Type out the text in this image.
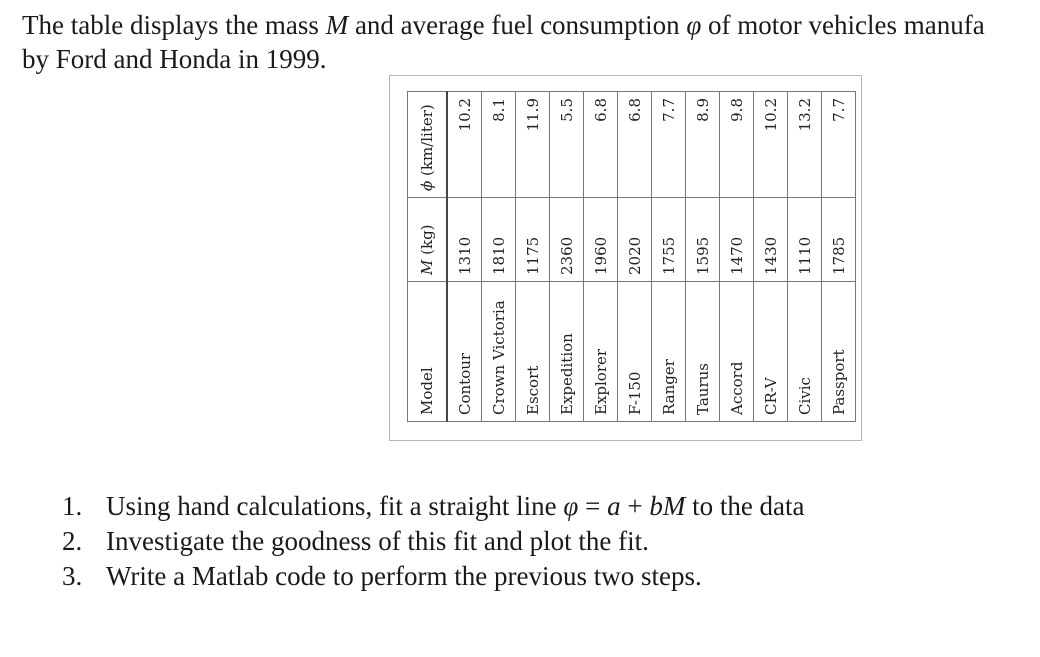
The table displays the mass M and average fuel consumption φ of motor vehicles manufa
by Ford and Honda in 1999.
Model	M (kg)	ϕ (km/liter)
Contour	1310	10.2
Crown Victoria	1810	8.1
Escort	1175	11.9
Expedition	2360	5.5
Explorer	1960	6.8
F-150	2020	6.8
Ranger	1755	7.7
Taurus	1595	8.9
Accord	1470	9.8
CR-V	1430	10.2
Civic	1110	13.2
Passport	1785	7.7
1. Using hand calculations, fit a straight line φ = a + bM to the data
2. Investigate the goodness of this fit and plot the fit.
3. Write a Matlab code to perform the previous two steps.
